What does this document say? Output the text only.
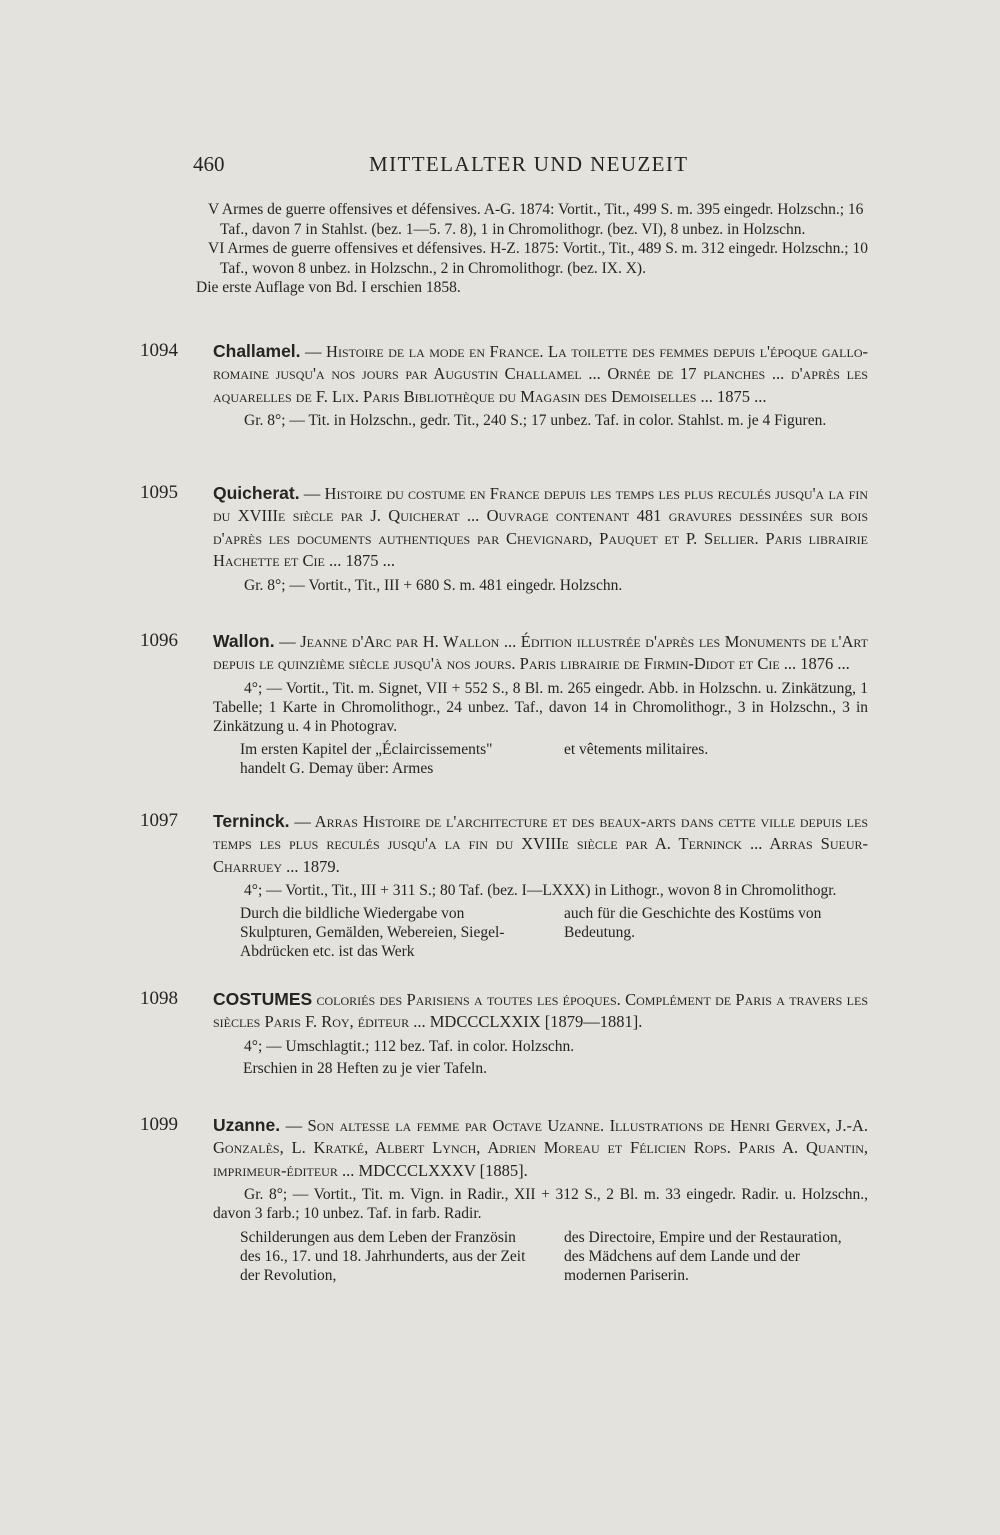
460	MITTELALTER UND NEUZEIT
V Armes de guerre offensives et défensives. A-G. 1874: Vortit., Tit., 499 S. m. 395 eingedr. Holzschn.; 16 Taf., davon 7 in Stahlst. (bez. 1—5. 7. 8), 1 in Chromolithogr. (bez. VI), 8 unbez. in Holzschn.
VI Armes de guerre offensives et défensives. H-Z. 1875: Vortit., Tit., 489 S. m. 312 eingedr. Holzschn.; 10 Taf., wovon 8 unbez. in Holzschn., 2 in Chromolithogr. (bez. IX. X).
Die erste Auflage von Bd. I erschien 1858.
1094 Challamel. — Histoire de la mode en France. La toilette des femmes depuis l'époque gallo-romaine jusqu'a nos jours par Augustin Challamel ... Ornée de 17 planches ... d'après les aquarelles de F. Lix. Paris Bibliothèque du Magasin des Demoiselles ... 1875 ...
Gr. 8°; — Tit. in Holzschn., gedr. Tit., 240 S.; 17 unbez. Taf. in color. Stahlst. m. je 4 Figuren.
1095 Quicherat. — Histoire du costume en France depuis les temps les plus reculés jusqu'a la fin du XVIIIe siècle par J. Quicherat ... Ouvrage contenant 481 gravures dessinées sur bois d'après les documents authentiques par Chevignard, Pauquet et P. Sellier. Paris librairie Hachette et Cie ... 1875 ...
Gr. 8°; — Vortit., Tit., III + 680 S. m. 481 eingedr. Holzschn.
1096 Wallon. — Jeanne d'Arc par H. Wallon ... Édition illustrée d'après les Monuments de l'Art depuis le quinzième siècle jusqu'à nos jours. Paris librairie de Firmin-Didot et Cie ... 1876 ...
4°; — Vortit., Tit. m. Signet, VII + 552 S., 8 Bl. m. 265 eingedr. Abb. in Holzschn. u. Zinkätzung, 1 Tabelle; 1 Karte in Chromolithogr., 24 unbez. Taf., davon 14 in Chromolithogr., 3 in Holzschn., 3 in Zinkätzung u. 4 in Photograv.
Im ersten Kapitel der „Éclaircissements" handelt G. Demay über: Armes
et vêtements militaires.
1097 Terninck. — Arras Histoire de l'architecture et des beaux-arts dans cette ville depuis les temps les plus reculés jusqu'a la fin du XVIIIe siècle par A. Terninck ... Arras Sueur-Charruey ... 1879.
4°; — Vortit., Tit., III + 311 S.; 80 Taf. (bez. I—LXXX) in Lithogr., wovon 8 in Chromolithogr.
Durch die bildliche Wiedergabe von Skulpturen, Gemälden, Webereien, Siegel-Abdrücken etc. ist das Werk
auch für die Geschichte des Kostüms von Bedeutung.
1098 COSTUMES coloriés des Parisiens a toutes les époques. Complément de Paris a travers les siècles Paris F. Roy, éditeur ... MDCCCLXXIX [1879—1881].
4°; — Umschlagtit.; 112 bez. Taf. in color. Holzschn.
Erschien in 28 Heften zu je vier Tafeln.
1099 Uzanne. — Son altesse la femme par Octave Uzanne. Illustrations de Henri Gervex, J.-A. Gonzalès, L. Kratké, Albert Lynch, Adrien Moreau et Félicien Rops. Paris A. Quantin, imprimeur-éditeur ... MDCCCLXXXV [1885].
Gr. 8°; — Vortit., Tit. m. Vign. in Radir., XII + 312 S., 2 Bl. m. 33 eingedr. Radir. u. Holzschn., davon 3 farb.; 10 unbez. Taf. in farb. Radir.
Schilderungen aus dem Leben der Französin des 16., 17. und 18. Jahrhunderts, aus der Zeit der Revolution,
des Directoire, Empire und der Restauration, des Mädchens auf dem Lande und der modernen Pariserin.
